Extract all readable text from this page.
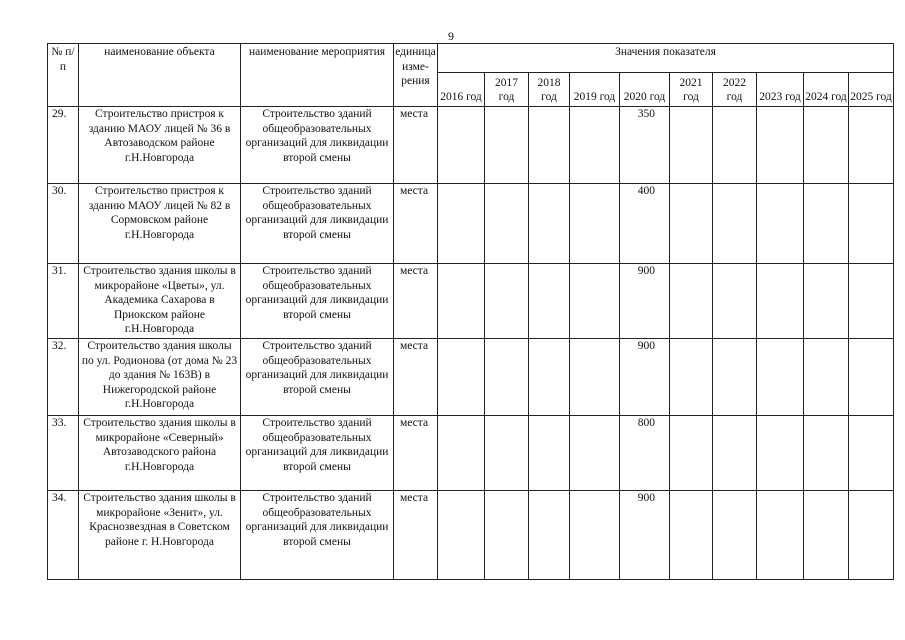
9
№ п/п	наименование объекта	наименование мероприятия	единица изме-рения	Значения показателя									
				2016 год	2017 год	2018 год	2019 год	2020 год	2021 год	2022 год	2023 год	2024 год	2025 год
29.	Строительство пристроя к зданию МАОУ лицей № 36 в Автозаводском районе г.Н.Новгорода	Строительство зданий общеобразовательных организаций для ликвидации второй смены	места					350					
30.	Строительство пристроя к зданию МАОУ лицей № 82 в Сормовском районе г.Н.Новгорода	Строительство зданий общеобразовательных организаций для ликвидации второй смены	места					400					
31.	Строительство здания школы в микрорайоне «Цветы», ул. Академика Сахарова в Приокском районе г.Н.Новгорода	Строительство зданий общеобразовательных организаций для ликвидации второй смены	места					900					
32.	Строительство здания школы по ул. Родионова (от дома № 23 до здания № 163В) в Нижегородской районе г.Н.Новгорода	Строительство зданий общеобразовательных организаций для ликвидации второй смены	места					900					
33.	Строительство здания школы в микрорайоне «Северный» Автозаводского района г.Н.Новгорода	Строительство зданий общеобразовательных организаций для ликвидации второй смены	места					800					
34.	Строительство здания школы в микрорайоне «Зенит», ул. Краснозвездная в Советском районе г. Н.Новгорода	Строительство зданий общеобразовательных организаций для ликвидации второй смены	места					900					
